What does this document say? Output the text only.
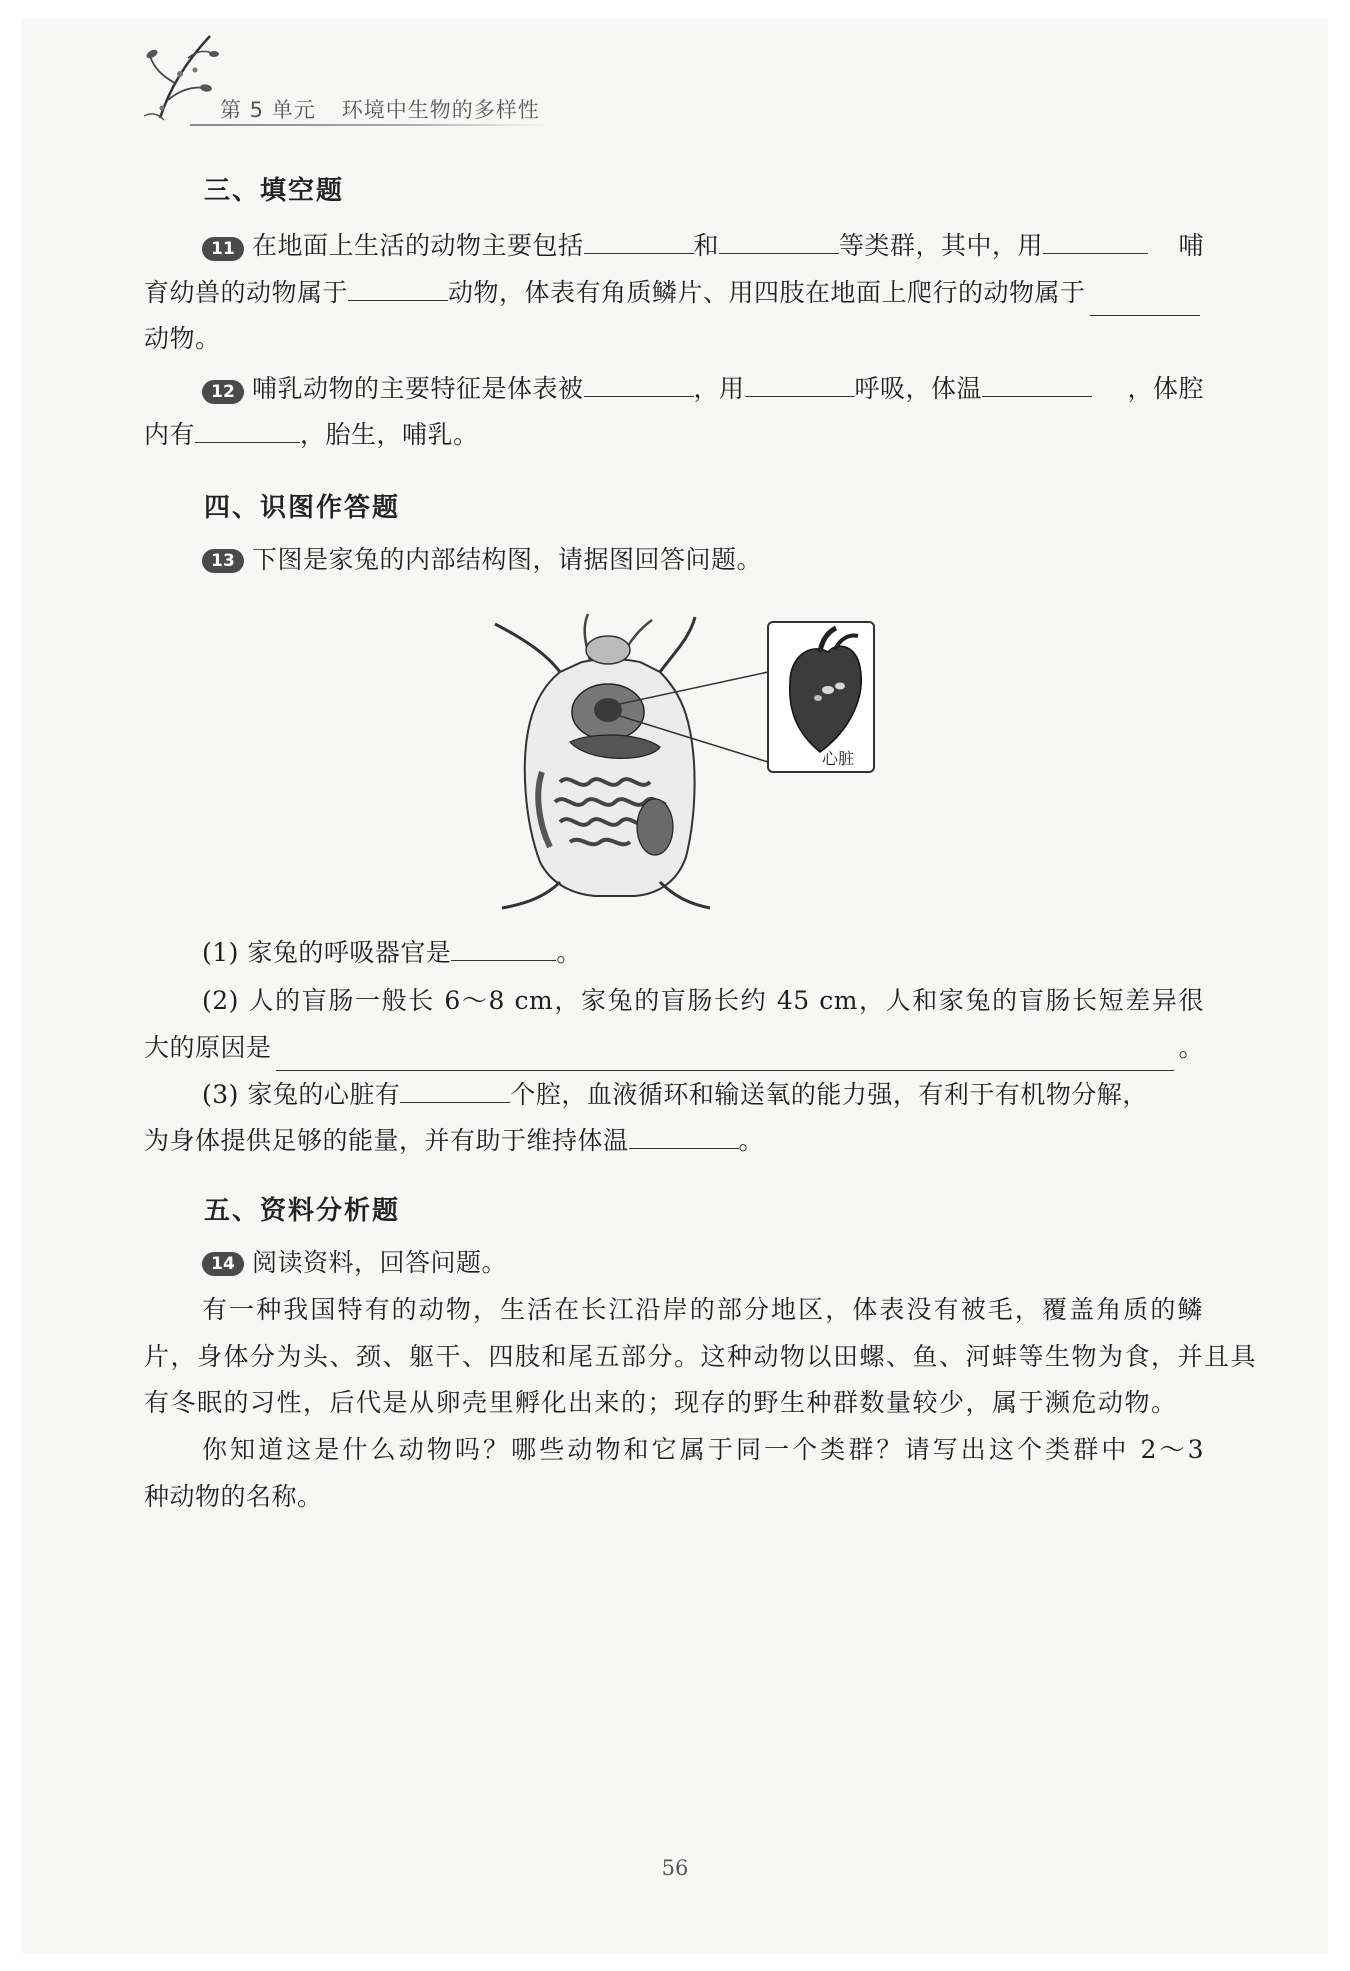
第 5 单元 环境中生物的多样性
三、填空题
11 在地面上生活的动物主要包括	和	等类群，其中，用	哺
育幼兽的动物属于	动物，体表有角质鳞片、用四肢在地面上爬行的动物属于
动物。
12 哺乳动物的主要特征是体表被	，用	呼吸，体温	，体腔
内有	，胎生，哺乳。
四、识图作答题
13 下图是家兔的内部结构图，请据图回答问题。
(1) 家兔的呼吸器官是	。
(2) 人的盲肠一般长 6～8 cm，家兔的盲肠长约 45 cm，人和家兔的盲肠长短差异很
大的原因是	。
(3) 家兔的心脏有	个腔，血液循环和输送氧的能力强，有利于有机物分解，
为身体提供足够的能量，并有助于维持体温	。
五、资料分析题
14 阅读资料，回答问题。
有一种我国特有的动物，生活在长江沿岸的部分地区，体表没有被毛，覆盖角质的鳞
片，身体分为头、颈、躯干、四肢和尾五部分。这种动物以田螺、鱼、河蚌等生物为食，并且具
有冬眠的习性，后代是从卵壳里孵化出来的；现存的野生种群数量较少，属于濒危动物。
你知道这是什么动物吗？哪些动物和它属于同一个类群？请写出这个类群中 2～3
种动物的名称。
心脏
56
